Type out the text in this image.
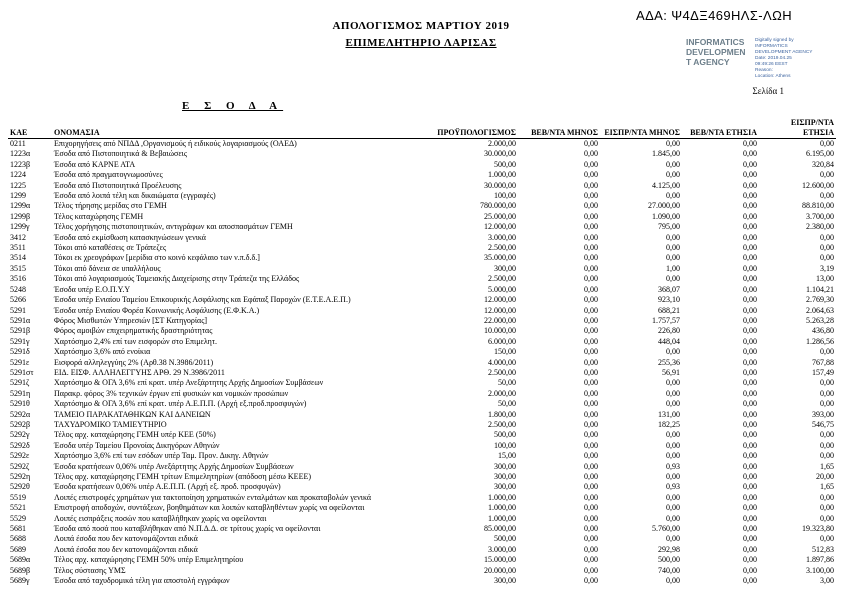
ΑΔΑ: Ψ4ΔΞ469ΗΛΣ-ΛΩΗ
ΑΠΟΛΟΓΙΣΜΟΣ ΜΑΡΤΙΟΥ 2019
ΕΠΙΜΕΛΗΤΗΡΙΟ ΛΑΡΙΣΑΣ	INFORMATICS
DEVELOPMEN
T AGENCY
Digitally signed by
INFORMATICS
DEVELOPMENT AGENCY
Date: 2019.04.25
09:49:26 EEST
Reason:
Location: Athens
Σελίδα 1
Ε Σ Ο Δ Α
ΚΑΕ	ΟΝΟΜΑΣΙΑ	ΠΡΟΫΠΟΛΟΓΙΣΜΟΣ	ΒΕΒ/ΝΤΑ ΜΗΝΟΣ	ΕΙΣΠΡ/ΝΤΑ ΜΗΝΟΣ	ΒΕΒ/ΝΤΑ ΕΤΗΣΙΑ	ΕΙΣΠΡ/ΝΤΑ ΕΤΗΣΙΑ
0211	Επιχορηγήσεις από ΝΠΔΔ ,Οργανισμούς ή ειδικούς λογαριασμούς (ΟΑΕΔ)	2.000,00	0,00	0,00	0,00	0,00
1223α	Έσοδα από Πιστοποιητικά & Βεβαιώσεις	30.000,00	0,00	1.845,00	0,00	6.195,00
1223β	Έσοδα από ΚΑΡΝΕ ΑΤΑ	500,00	0,00	0,00	0,00	320,84
1224	Έσοδα από πραγματογνωμοσύνες	1.000,00	0,00	0,00	0,00	0,00
1225	Έσοδα από Πιστοποιητικά Προέλευσης	30.000,00	0,00	4.125,00	0,00	12.600,00
1299	Έσοδα από λοιπά τέλη και δικαιώματα (εγγραφές)	100,00	0,00	0,00	0,00	0,00
1299α	Τέλος τήρησης μερίδας στο ΓΕΜΗ	780.000,00	0,00	27.000,00	0,00	88.810,00
1299β	Τέλος καταχώρησης ΓΕΜΗ	25.000,00	0,00	1.090,00	0,00	3.700,00
1299γ	Τέλος χορήγησης πιστοποιητικών, αντιγράφων και αποσπασμάτων ΓΕΜΗ	12.000,00	0,00	795,00	0,00	2.380,00
3412	Έσοδα από εκμίσθωση κατασκηνώσεων γενικά	3.000,00	0,00	0,00	0,00	0,00
3511	Τόκοι από καταθέσεις σε Τράπεζες	2.500,00	0,00	0,00	0,00	0,00
3514	Τόκοι εκ χρεογράφων [μερίδια στο κοινό κεφάλαιο των ν.π.δ.δ.]	35.000,00	0,00	0,00	0,00	0,00
3515	Τόκοι από δάνεια σε υπαλλήλους	300,00	0,00	1,00	0,00	3,19
3516	Τόκοι από λογαριασμούς Ταμειακής Διαχείρισης στην Τράπεζα της Ελλάδος	2.500,00	0,00	0,00	0,00	13,00
5248	Έσοδα υπέρ Ε.Ο.Π.Υ.Υ	5.000,00	0,00	368,07	0,00	1.104,21
5266	Έσοδα υπέρ Ενιαίου Ταμείου Επικουρικής Ασφάλισης και Εφάπαξ Παροχών (Ε.Τ.Ε.Α.Ε.Π.)	12.000,00	0,00	923,10	0,00	2.769,30
5291	Έσοδα υπέρ Ενιαίου Φορέα Κοινωνικής Ασφάλισης (Ε.Φ.Κ.Α.)	12.000,00	0,00	688,21	0,00	2.064,63
5291α	Φόρος Μισθωτών Υπηρεσιών [ΣΤ Κατηγορίας]	22.000,00	0,00	1.757,57	0,00	5.263,28
5291β	Φόρος αμοιβών επιχειρηματικής δραστηριότητας	10.000,00	0,00	226,80	0,00	436,80
5291γ	Χαρτόσημο 2,4% επί των εισφορών στο Επιμελητ.	6.000,00	0,00	448,04	0,00	1.286,56
5291δ	Χαρτόσημο 3,6% από ενοίκια	150,00	0,00	0,00	0,00	0,00
5291ε	Εισφορά αλληλεγγύης 2% (Αρθ.38 Ν.3986/2011)	4.000,00	0,00	255,36	0,00	767,88
5291στ	ΕΙΔ. ΕΙΣΦ. ΑΛΛΗΛΕΓΓΥΗΣ ΑΡΘ. 29 Ν.3986/2011	2.500,00	0,00	56,91	0,00	157,49
5291ζ	Χαρτόσημο & ΟΓΑ 3,6% επί κρατ. υπέρ Ανεξάρτητης Αρχής Δημοσίων Συμβάσεων	50,00	0,00	0,00	0,00	0,00
5291η	Παρακρ. φόρος 3% τεχνικών έργων επί φυσικών και νομικών προσώπων	2.000,00	0,00	0,00	0,00	0,00
5291θ	Χαρτόσημο & ΟΓΑ 3,6% επί κρατ. υπέρ Α.Ε.Π.Π. (Αρχή εξ.προδ.προσφυγών)	50,00	0,00	0,00	0,00	0,00
5292α	ΤΑΜΕΙΟ ΠΑΡΑΚΑΤΑΘΗΚΩΝ ΚΑΙ ΔΑΝΕΙΩΝ	1.800,00	0,00	131,00	0,00	393,00
5292β	ΤΑΧΥΔΡΟΜΙΚΟ ΤΑΜΙΕΥΤΗΡΙΟ	2.500,00	0,00	182,25	0,00	546,75
5292γ	Τέλος αρχ. καταχώρησης ΓΕΜΗ υπέρ ΚΕΕ (50%)	500,00	0,00	0,00	0,00	0,00
5292δ	Έσοδα υπέρ Ταμείου Προνοίας Δικηγόρων Αθηνών	100,00	0,00	0,00	0,00	0,00
5292ε	Χαρτόσημο 3,6% επί των εσόδων υπέρ Ταμ. Προν. Δικηγ. Αθηνών	15,00	0,00	0,00	0,00	0,00
5292ζ	Έσοδα κρατήσεων 0,06% υπέρ Ανεξάρτητης Αρχής Δημοσίων Συμβάσεων	300,00	0,00	0,93	0,00	1,65
5292η	Τέλος αρχ. καταχώρησης ΓΕΜΗ τρίτων Επιμελητηρίων (απόδοση μέσω ΚΕΕΕ)	300,00	0,00	0,00	0,00	20,00
5292θ	Έσοδα κρατήσεων 0,06% υπέρ Α.Ε.Π.Π. (Αρχή εξ. προδ. προσφυγών)	300,00	0,00	0,93	0,00	1,65
5519	Λοιπές επιστροφές χρημάτων για τακτοποίηση χρηματικών ενταλμάτων και προκαταβολών γενικά	1.000,00	0,00	0,00	0,00	0,00
5521	Επιστροφή αποδοχών, συντάξεων, βοηθημάτων και λοιπών καταβληθέντων χωρίς να οφείλονται	1.000,00	0,00	0,00	0,00	0,00
5529	Λοιπές εισπράξεις ποσών που καταβλήθηκαν χωρίς να οφείλονται	1.000,00	0,00	0,00	0,00	0,00
5681	Έσοδα από ποσά που καταβλήθηκαν από Ν.Π.Δ.Δ. σε τρίτους χωρίς να οφείλονται	85.000,00	0,00	5.760,00	0,00	19.323,80
5688	Λοιπά έσοδα που δεν κατονομάζονται ειδικά	500,00	0,00	0,00	0,00	0,00
5689	Λοιπά έσοδα που δεν κατονομάζονται ειδικά	3.000,00	0,00	292,98	0,00	512,83
5689α	Τέλος αρχ. καταχώρησης ΓΕΜΗ 50% υπέρ Επιμελητηρίου	15.000,00	0,00	500,00	0,00	1.897,86
5689β	Τέλος σύστασης ΥΜΣ	20.000,00	0,00	740,00	0,00	3.100,00
5689γ	Έσοδα από ταχυδρομικά τέλη για αποστολή εγγράφων	300,00	0,00	0,00	0,00	3,00
